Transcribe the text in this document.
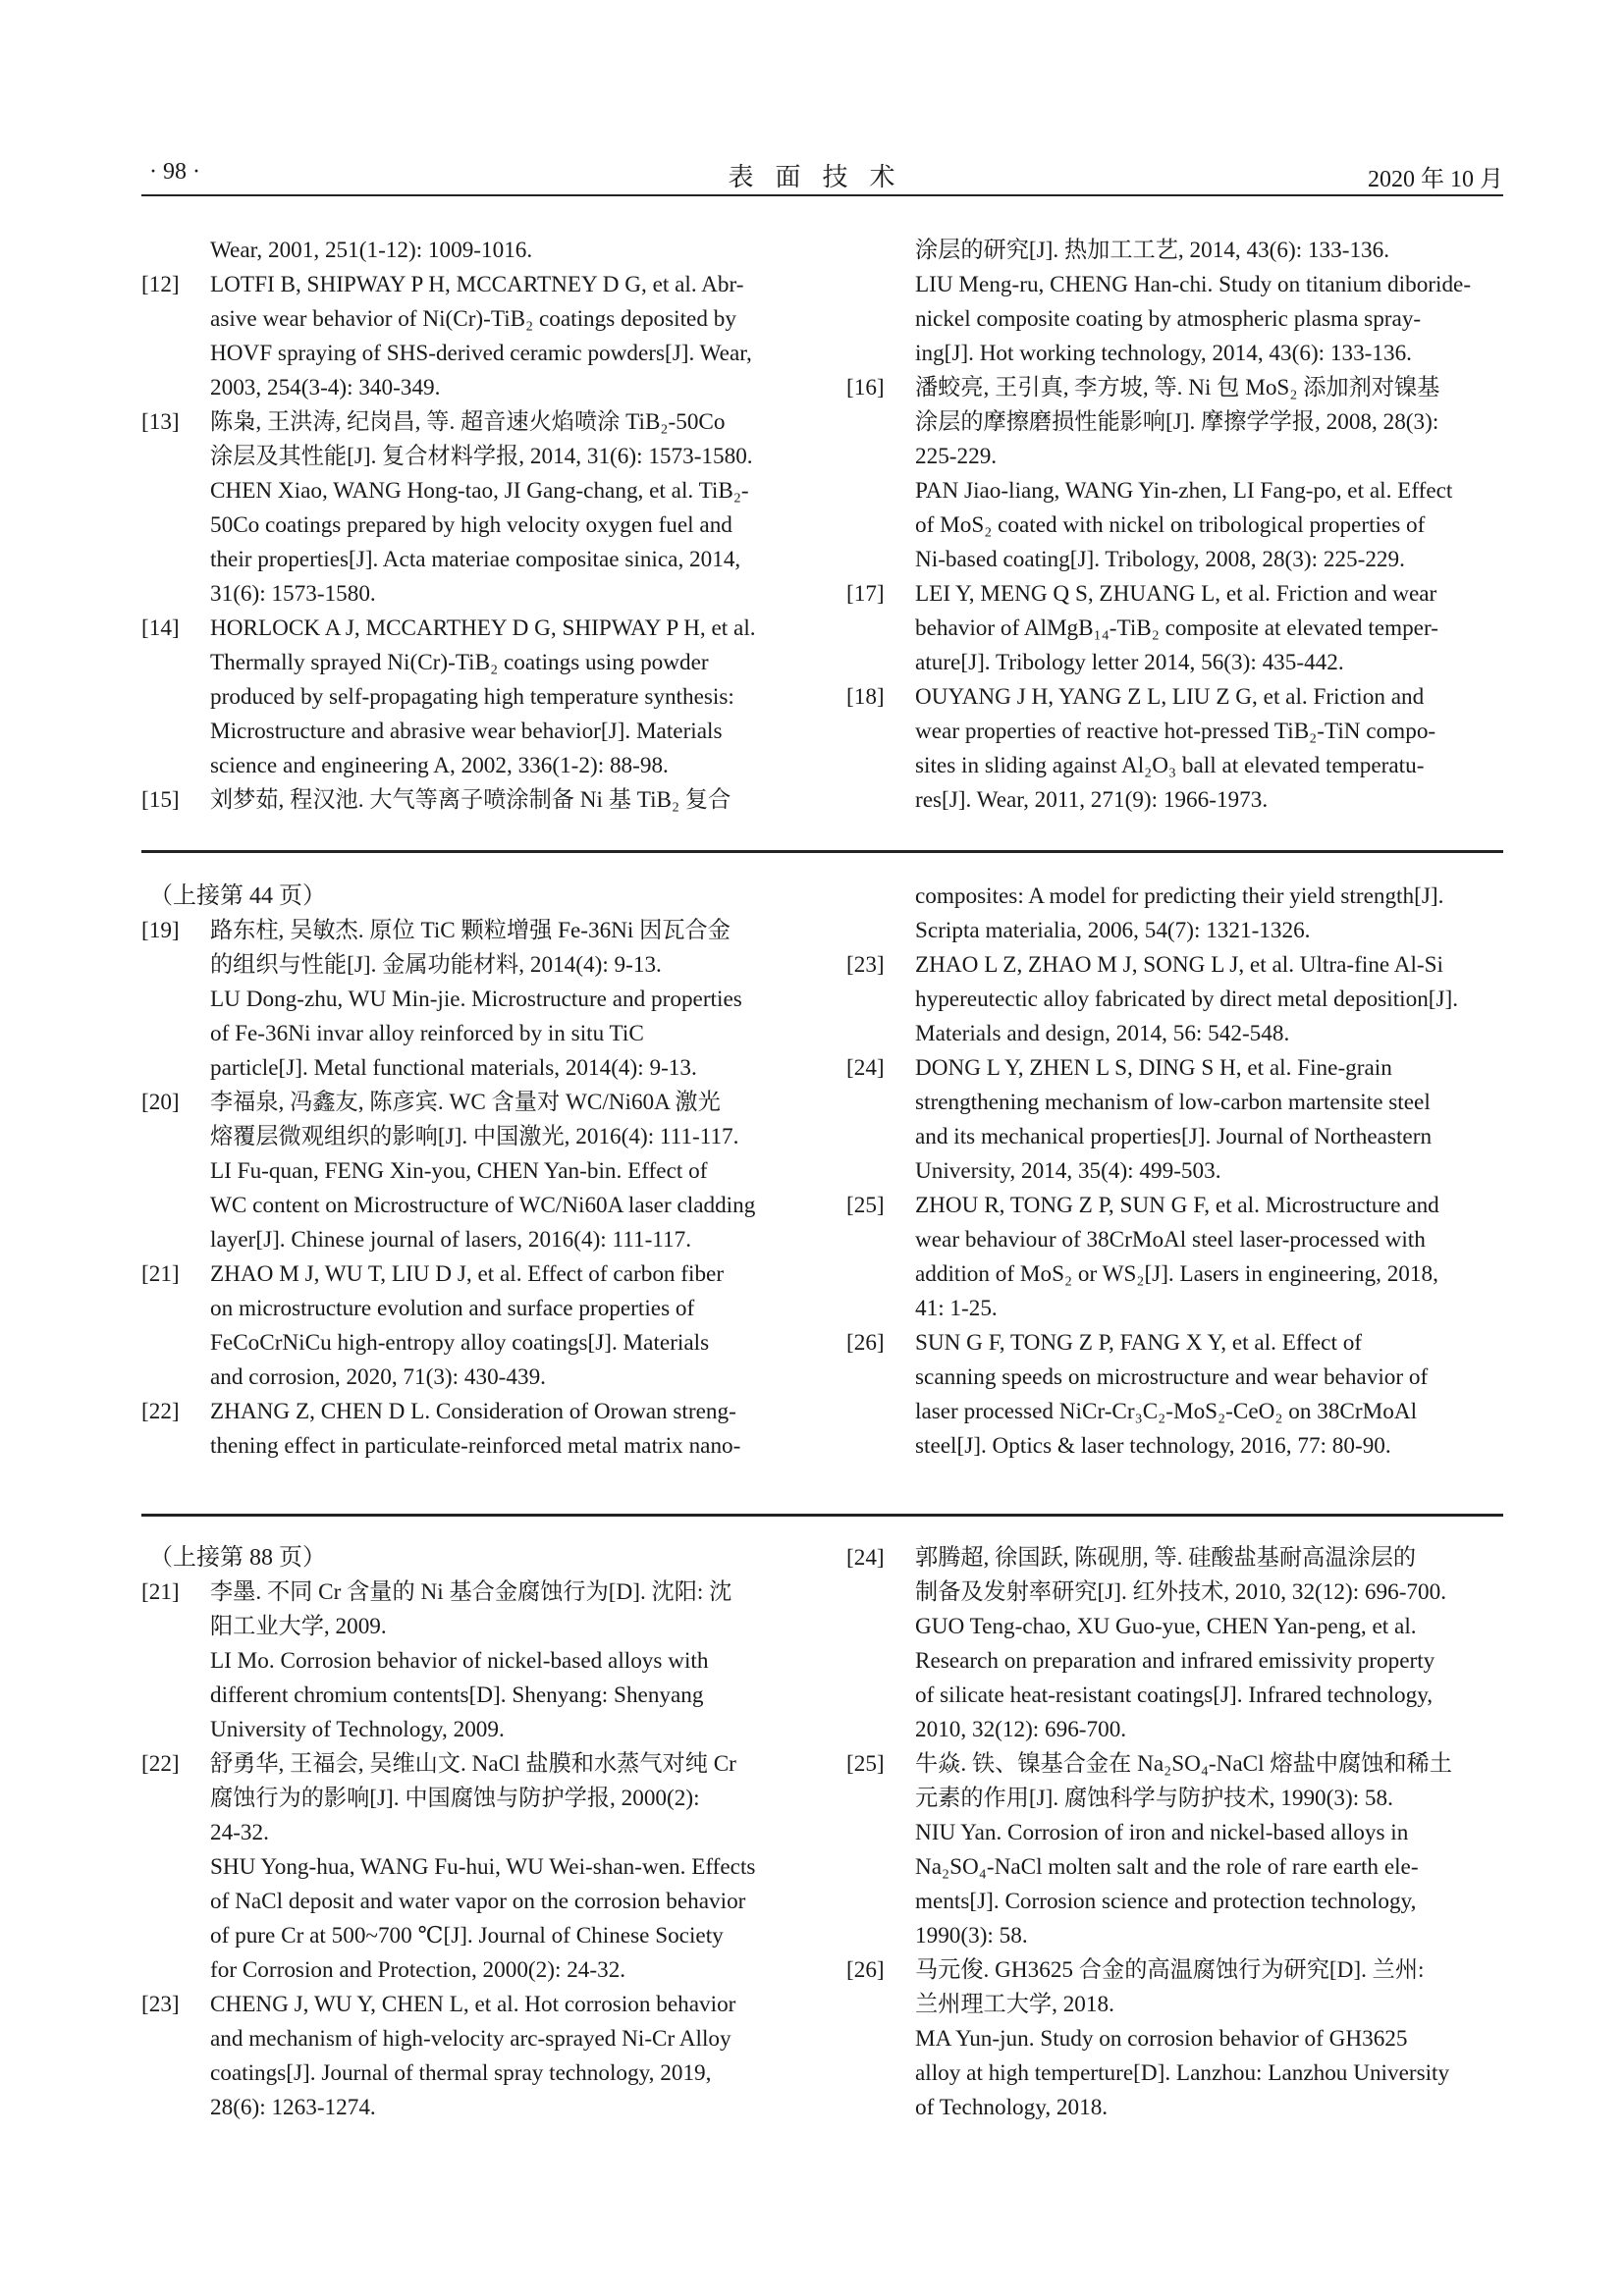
· 98 ·	表面技术	2020 年 10 月
Wear, 2001, 251(1-12): 1009-1016.
[12] LOTFI B, SHIPWAY P H, MCCARTNEY D G, et al. Abr-
asive wear behavior of Ni(Cr)-TiB₂ coatings deposited by
HOVF spraying of SHS-derived ceramic powders[J]. Wear,
2003, 254(3-4): 340-349.
[13] 陈枭, 王洪涛, 纪岗昌, 等. 超音速火焰喷涂 TiB₂-50Co
涂层及其性能[J]. 复合材料学报, 2014, 31(6): 1573-1580.
CHEN Xiao, WANG Hong-tao, JI Gang-chang, et al. TiB₂-
50Co coatings prepared by high velocity oxygen fuel and
their properties[J]. Acta materiae compositae sinica, 2014,
31(6): 1573-1580.
[14] HORLOCK A J, MCCARTHEY D G, SHIPWAY P H, et al.
Thermally sprayed Ni(Cr)-TiB₂ coatings using powder
produced by self-propagating high temperature synthesis:
Microstructure and abrasive wear behavior[J]. Materials
science and engineering A, 2002, 336(1-2): 88-98.
[15] 刘梦茹, 程汉池. 大气等离子喷涂制备 Ni 基 TiB₂ 复合
涂层的研究[J]. 热加工工艺, 2014, 43(6): 133-136.
LIU Meng-ru, CHENG Han-chi. Study on titanium diboride-
nickel composite coating by atmospheric plasma spray-
ing[J]. Hot working technology, 2014, 43(6): 133-136.
[16] 潘蛟亮, 王引真, 李方坡, 等. Ni 包 MoS₂ 添加剂对镍基
涂层的摩擦磨损性能影响[J]. 摩擦学学报, 2008, 28(3):
225-229.
PAN Jiao-liang, WANG Yin-zhen, LI Fang-po, et al. Effect
of MoS₂ coated with nickel on tribological properties of
Ni-based coating[J]. Tribology, 2008, 28(3): 225-229.
[17] LEI Y, MENG Q S, ZHUANG L, et al. Friction and wear
behavior of AlMgB₁₄-TiB₂ composite at elevated temper-
ature[J]. Tribology letter 2014, 56(3): 435-442.
[18] OUYANG J H, YANG Z L, LIU Z G, et al. Friction and
wear properties of reactive hot-pressed TiB₂-TiN compo-
sites in sliding against Al₂O₃ ball at elevated temperatu-
res[J]. Wear, 2011, 271(9): 1966-1973.
（上接第 44 页）
[19] 路东柱, 吴敏杰. 原位 TiC 颗粒增强 Fe-36Ni 因瓦合金
的组织与性能[J]. 金属功能材料, 2014(4): 9-13.
LU Dong-zhu, WU Min-jie. Microstructure and properties
of Fe-36Ni invar alloy reinforced by in situ TiC
particle[J]. Metal functional materials, 2014(4): 9-13.
[20] 李福泉, 冯鑫友, 陈彦宾. WC 含量对 WC/Ni60A 激光
熔覆层微观组织的影响[J]. 中国激光, 2016(4): 111-117.
LI Fu-quan, FENG Xin-you, CHEN Yan-bin. Effect of
WC content on Microstructure of WC/Ni60A laser cladding
layer[J]. Chinese journal of lasers, 2016(4): 111-117.
[21] ZHAO M J, WU T, LIU D J, et al. Effect of carbon fiber
on microstructure evolution and surface properties of
FeCoCrNiCu high-entropy alloy coatings[J]. Materials
and corrosion, 2020, 71(3): 430-439.
[22] ZHANG Z, CHEN D L. Consideration of Orowan streng-
thening effect in particulate-reinforced metal matrix nano-
composites: A model for predicting their yield strength[J].
Scripta materialia, 2006, 54(7): 1321-1326.
[23] ZHAO L Z, ZHAO M J, SONG L J, et al. Ultra-fine Al-Si
hypereutectic alloy fabricated by direct metal deposition[J].
Materials and design, 2014, 56: 542-548.
[24] DONG L Y, ZHEN L S, DING S H, et al. Fine-grain
strengthening mechanism of low-carbon martensite steel
and its mechanical properties[J]. Journal of Northeastern
University, 2014, 35(4): 499-503.
[25] ZHOU R, TONG Z P, SUN G F, et al. Microstructure and
wear behaviour of 38CrMoAl steel laser-processed with
addition of MoS₂ or WS₂[J]. Lasers in engineering, 2018,
41: 1-25.
[26] SUN G F, TONG Z P, FANG X Y, et al. Effect of
scanning speeds on microstructure and wear behavior of
laser processed NiCr-Cr₃C₂-MoS₂-CeO₂ on 38CrMoAl
steel[J]. Optics & laser technology, 2016, 77: 80-90.
（上接第 88 页）
[21] 李墨. 不同 Cr 含量的 Ni 基合金腐蚀行为[D]. 沈阳: 沈
阳工业大学, 2009.
LI Mo. Corrosion behavior of nickel-based alloys with
different chromium contents[D]. Shenyang: Shenyang
University of Technology, 2009.
[22] 舒勇华, 王福会, 吴维山文. NaCl 盐膜和水蒸气对纯 Cr
腐蚀行为的影响[J]. 中国腐蚀与防护学报, 2000(2):
24-32.
SHU Yong-hua, WANG Fu-hui, WU Wei-shan-wen. Effects
of NaCl deposit and water vapor on the corrosion behavior
of pure Cr at 500~700 ℃[J]. Journal of Chinese Society
for Corrosion and Protection, 2000(2): 24-32.
[23] CHENG J, WU Y, CHEN L, et al. Hot corrosion behavior
and mechanism of high-velocity arc-sprayed Ni-Cr Alloy
coatings[J]. Journal of thermal spray technology, 2019,
28(6): 1263-1274.
[24] 郭腾超, 徐国跃, 陈砚朋, 等. 硅酸盐基耐高温涂层的
制备及发射率研究[J]. 红外技术, 2010, 32(12): 696-700.
GUO Teng-chao, XU Guo-yue, CHEN Yan-peng, et al.
Research on preparation and infrared emissivity property
of silicate heat-resistant coatings[J]. Infrared technology,
2010, 32(12): 696-700.
[25] 牛焱. 铁、镍基合金在 Na₂SO₄-NaCl 熔盐中腐蚀和稀土
元素的作用[J]. 腐蚀科学与防护技术, 1990(3): 58.
NIU Yan. Corrosion of iron and nickel-based alloys in
Na₂SO₄-NaCl molten salt and the role of rare earth ele-
ments[J]. Corrosion science and protection technology,
1990(3): 58.
[26] 马元俊. GH3625 合金的高温腐蚀行为研究[D]. 兰州:
兰州理工大学, 2018.
MA Yun-jun. Study on corrosion behavior of GH3625
alloy at high temperture[D]. Lanzhou: Lanzhou University
of Technology, 2018.
